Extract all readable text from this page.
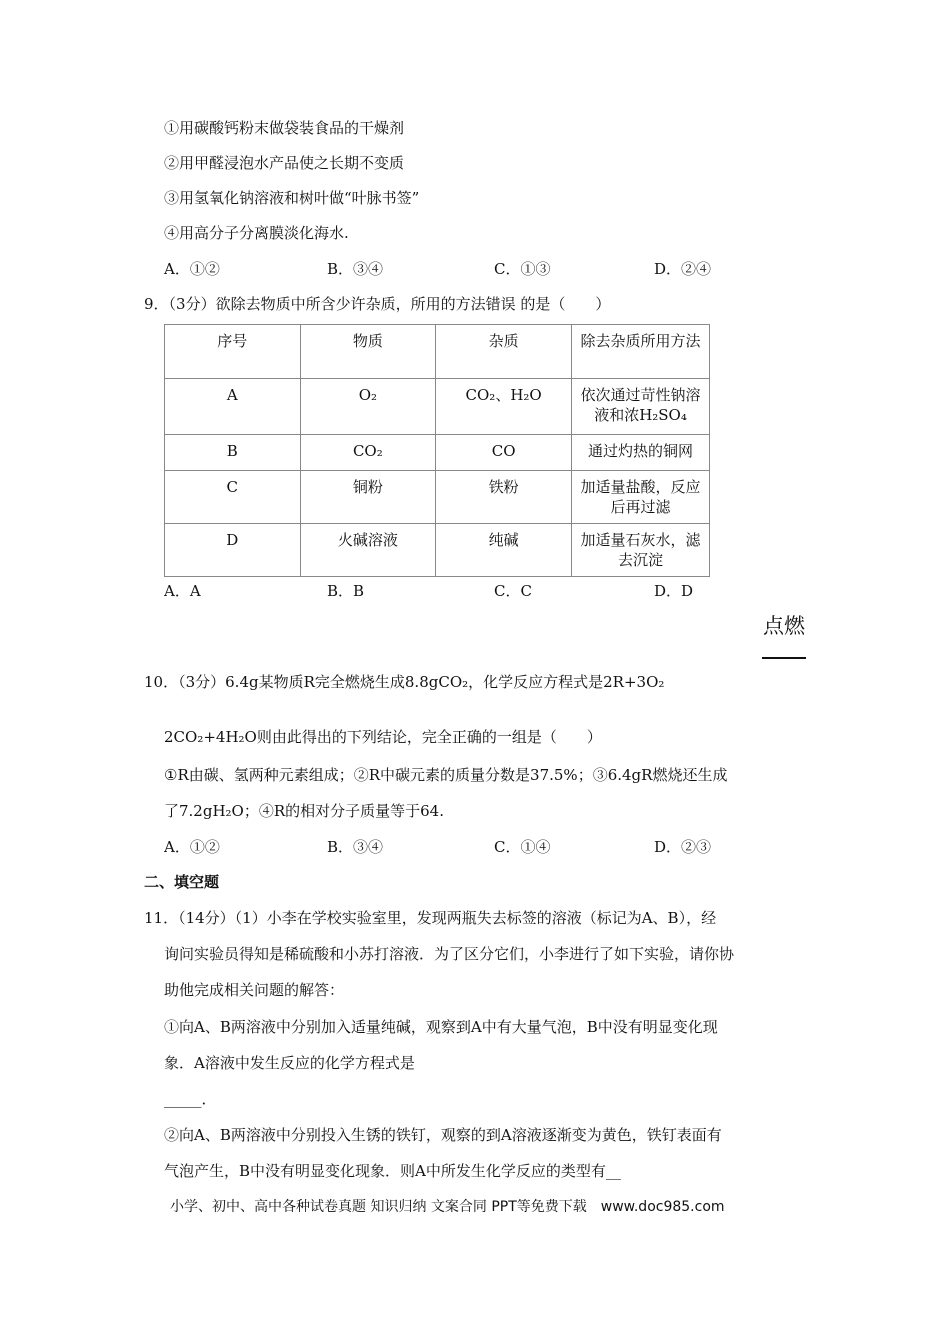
①用碳酸钙粉末做袋装食品的干燥剂
②用甲醛浸泡水产品使之长期不变质
③用氢氧化钠溶液和树叶做“叶脉书签”
④用高分子分离膜淡化海水.
A．①②	B．③④	C．①③	D．②④
9．（3分）欲除去物质中所含少许杂质，所用的方法错误 的是（　　）
序号	物质	杂质	除去杂质所用方法
A	O₂	CO₂、H₂O	依次通过苛性钠溶液和浓H₂SO₄
B	CO₂	CO	通过灼热的铜网
C	铜粉	铁粉	加适量盐酸，反应后再过滤
D	火碱溶液	纯碱	加适量石灰水，滤去沉淀
A．A	B．B	C．C	D．D
点燃
10．（3分）6.4g某物质R完全燃烧生成8.8gCO₂，化学反应方程式是2R+3O₂
2CO₂+4H₂O则由此得出的下列结论，完全正确的一组是（　　）
①R由碳、氢两种元素组成；②R中碳元素的质量分数是37.5%；③6.4gR燃烧还生成
了7.2gH₂O；④R的相对分子质量等于64.
A．①②	B．③④	C．①④	D．②③
二、填空题
11．（14分）（1）小李在学校实验室里，发现两瓶失去标签的溶液（标记为A、B），经
询问实验员得知是稀硫酸和小苏打溶液．为了区分它们，小李进行了如下实验，请你协
助他完成相关问题的解答：
①向A、B两溶液中分别加入适量纯碱，观察到A中有大量气泡，B中没有明显变化现
象．A溶液中发生反应的化学方程式是
_____．
②向A、B两溶液中分别投入生锈的铁钉，观察的到A溶液逐渐变为黄色，铁钉表面有
气泡产生，B中没有明显变化现象．则A中所发生化学反应的类型有__
小学、初中、高中各种试卷真题 知识归纳 文案合同 PPT等免费下载　www.doc985.com
